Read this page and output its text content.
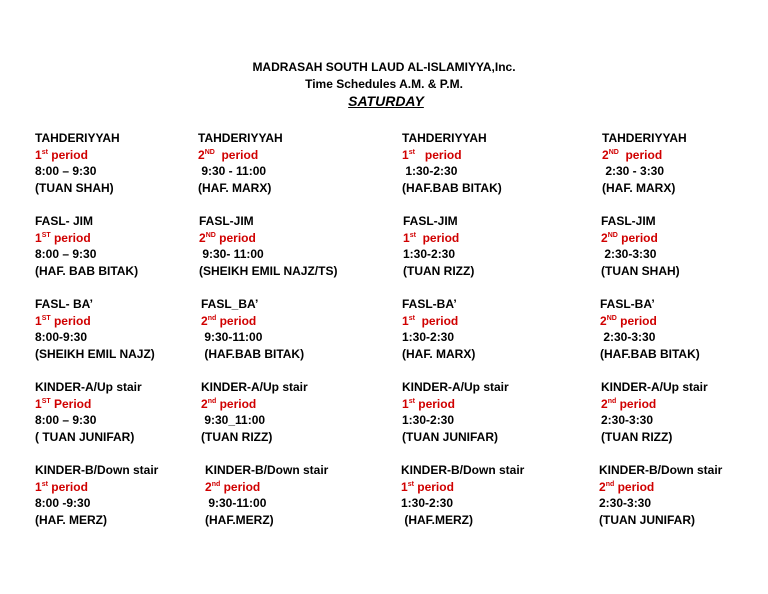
MADRASAH SOUTH LAUD AL-ISLAMIYYA,Inc.
Time Schedules A.M. & P.M.
SATURDAY
TAHDERIYYAH
1st period
8:00 – 9:30
(TUAN SHAH)
TAHDERIYYAH
2ND  period
9:30 - 11:00
(HAF. MARX)
TAHDERIYYAH
1st   period
1:30-2:30
(HAF.BAB BITAK)
TAHDERIYYAH
2ND  period
2:30 - 3:30
(HAF. MARX)
FASL- JIM
1ST period
8:00 – 9:30
(HAF. BAB BITAK)
FASL-JIM
2ND period
9:30- 11:00
(SHEIKH EMIL NAJZ/TS)
FASL-JIM
1st  period
1:30-2:30
(TUAN RIZZ)
FASL-JIM
2ND period
2:30-3:30
(TUAN SHAH)
FASL- BA’
1ST period
8:00-9:30
(SHEIKH EMIL NAJZ)
FASL_BA’
2nd period
9:30-11:00
(HAF.BAB BITAK)
FASL-BA’
1st  period
1:30-2:30
(HAF. MARX)
FASL-BA’
2ND period
2:30-3:30
(HAF.BAB BITAK)
KINDER-A/Up stair
1ST Period
8:00 – 9:30
( TUAN JUNIFAR)
KINDER-A/Up stair
2nd period
9:30_11:00
(TUAN RIZZ)
KINDER-A/Up stair
1st period
1:30-2:30
(TUAN JUNIFAR)
KINDER-A/Up stair
2nd period
2:30-3:30
(TUAN RIZZ)
KINDER-B/Down stair
1st period
8:00 -9:30
(HAF. MERZ)
KINDER-B/Down stair
2nd period
9:30-11:00
(HAF.MERZ)
KINDER-B/Down stair
1st period
1:30-2:30
(HAF.MERZ)
KINDER-B/Down stair
2nd period
2:30-3:30
(TUAN JUNIFAR)
